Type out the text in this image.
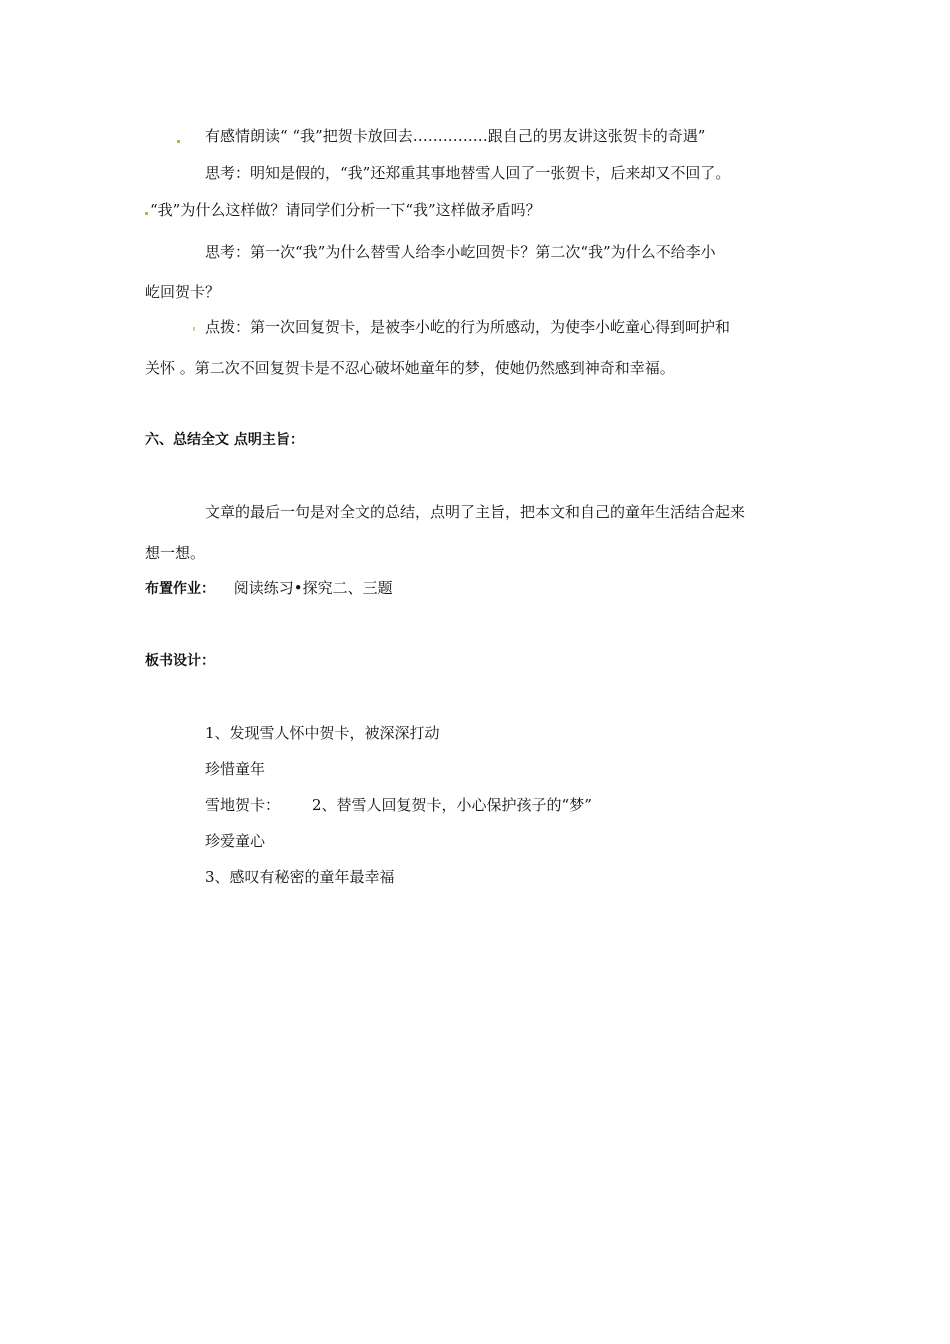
有感情朗读“ “我”把贺卡放回去……………跟自己的男友讲这张贺卡的奇遇”
思考：明知是假的，“我”还郑重其事地替雪人回了一张贺卡，后来却又不回了。
“我”为什么这样做？请同学们分析一下“我”这样做矛盾吗？
思考：第一次“我”为什么替雪人给李小屹回贺卡？第二次“我”为什么不给李小
屹回贺卡？
点拨：第一次回复贺卡，是被李小屹的行为所感动，为使李小屹童心得到呵护和
关怀 。第二次不回复贺卡是不忍心破坏她童年的梦，使她仍然感到神奇和幸福。
六、总结全文 点明主旨：
文章的最后一句是对全文的总结，点明了主旨，把本文和自己的童年生活结合起来
想一想。
布置作业： 阅读练习•探究二、三题
板书设计：
1、发现雪人怀中贺卡，被深深打动
珍惜童年
雪地贺卡： 2、替雪人回复贺卡，小心保护孩子的“梦”
珍爱童心
3、感叹有秘密的童年最幸福
